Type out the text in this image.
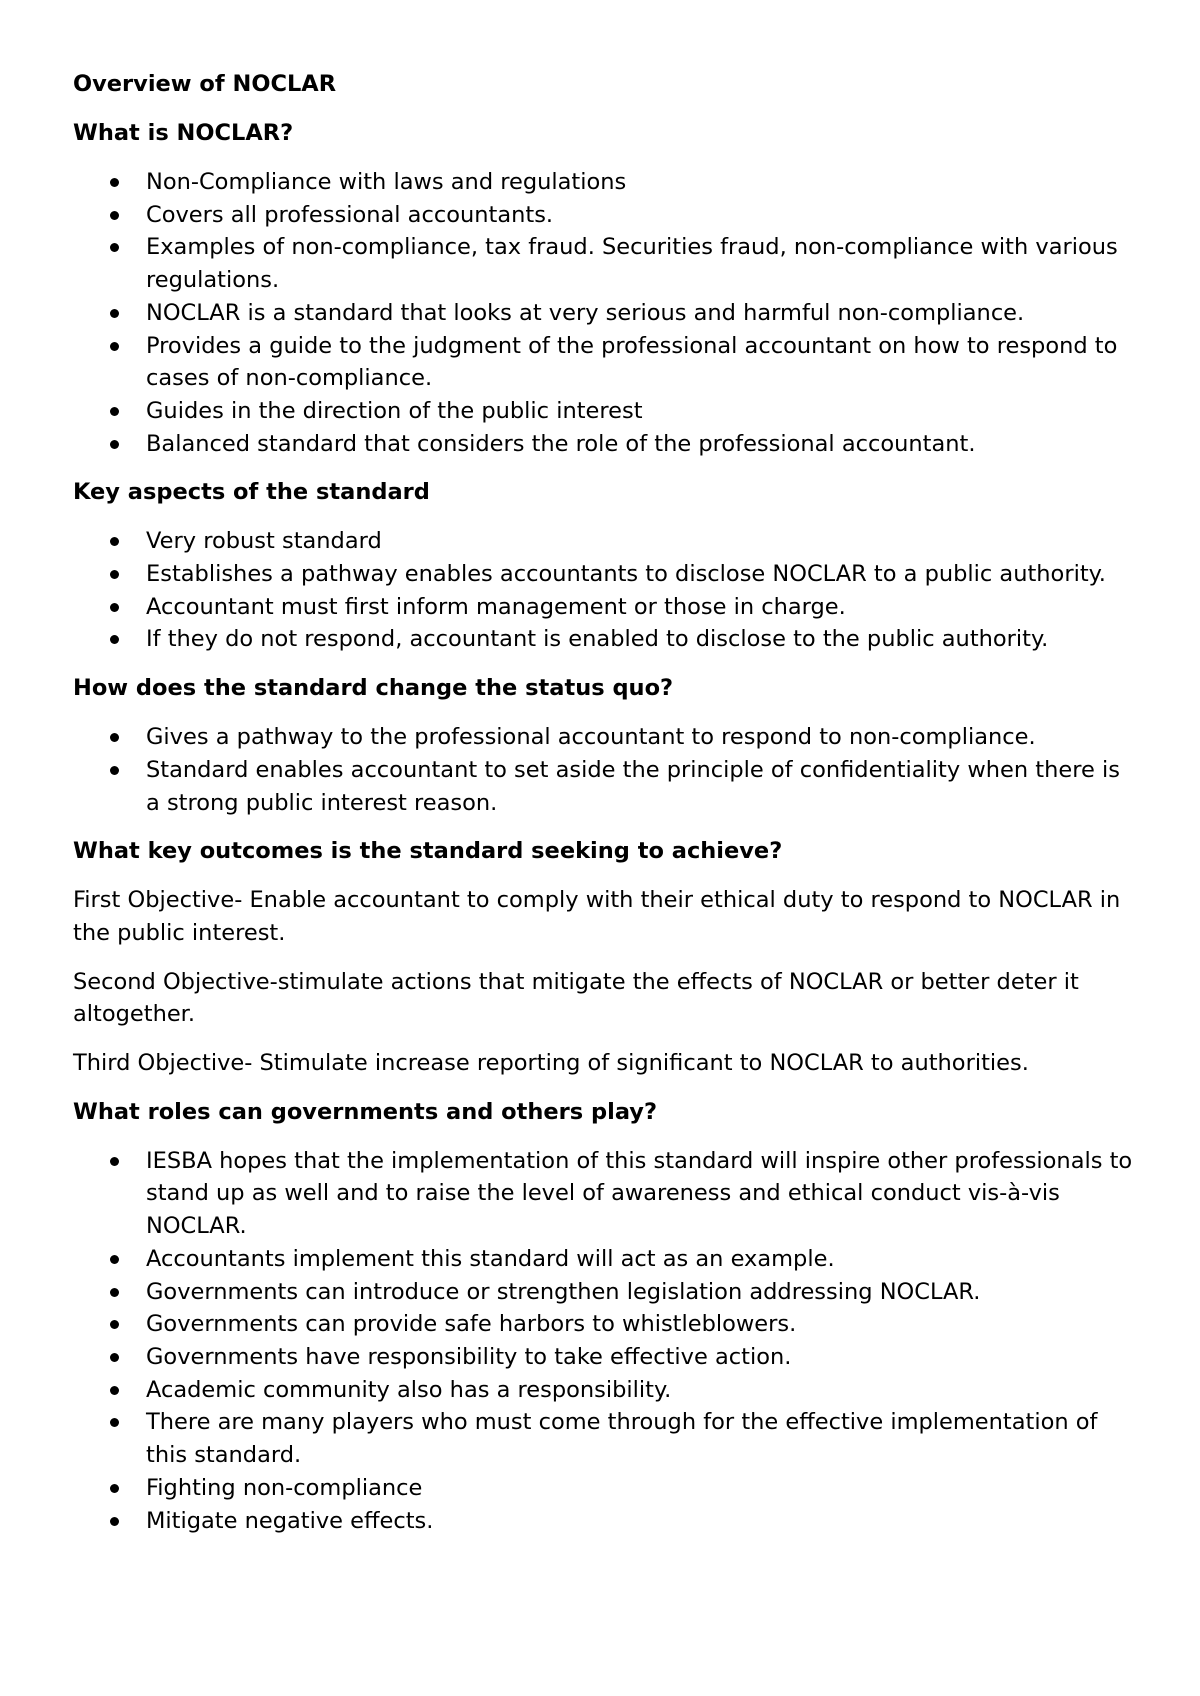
Overview of NOCLAR
What is NOCLAR?
Non-Compliance with laws and regulations
Covers all professional accountants.
Examples of non-compliance, tax fraud. Securities fraud, non-compliance with various regulations.
NOCLAR is a standard that looks at very serious and harmful non-compliance.
Provides a guide to the judgment of the professional accountant on how to respond to cases of non-compliance.
Guides in the direction of the public interest
Balanced standard that considers the role of the professional accountant.
Key aspects of the standard
Very robust standard
Establishes a pathway enables accountants to disclose NOCLAR to a public authority.
Accountant must first inform management or those in charge.
If they do not respond, accountant is enabled to disclose to the public authority.
How does the standard change the status quo?
Gives a pathway to the professional accountant to respond to non-compliance.
Standard enables accountant to set aside the principle of confidentiality when there is a strong public interest reason.
What key outcomes is the standard seeking to achieve?

First Objective- Enable accountant to comply with their ethical duty to respond to NOCLAR in the public interest.

Second Objective-stimulate actions that mitigate the effects of NOCLAR or better deter it altogether.

Third Objective- Stimulate increase reporting of significant to NOCLAR to authorities.

What roles can governments and others play?
IESBA hopes that the implementation of this standard will inspire other professionals to stand up as well and to raise the level of awareness and ethical conduct vis-à-vis NOCLAR.
Accountants implement this standard will act as an example.
Governments can introduce or strengthen legislation addressing NOCLAR.
Governments can provide safe harbors to whistleblowers.
Governments have responsibility to take effective action.
Academic community also has a responsibility.
There are many players who must come through for the effective implementation of this standard.
Fighting non-compliance
Mitigate negative effects.
